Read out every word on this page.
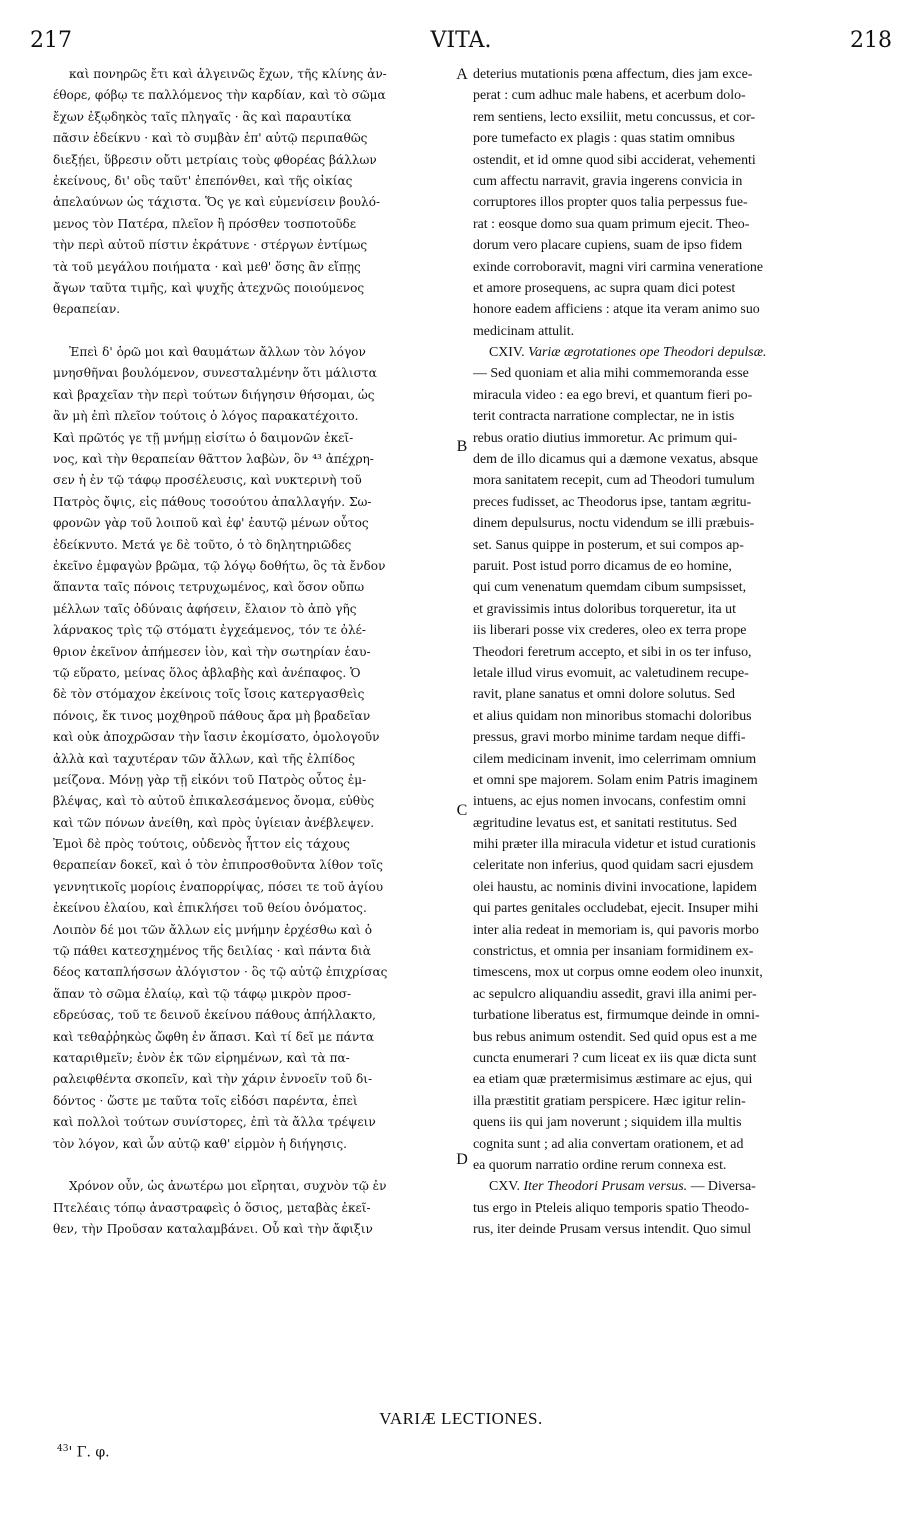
217	VITA.	218
καὶ πονηρῶς ἔτι καὶ ἀλγεινῶς ἔχων, τῆς κλίνης ἀν-
έθορε, φόβῳ τε παλλόμενος τὴν καρδίαν, καὶ τὸ σῶμα
ἔχων ἐξῳδηκὸς ταῖς πληγαῖς · ἃς καὶ παραυτίκα
πᾶσιν ἐδείκνυ · καὶ τὸ συμβὰν ἐπ' αὐτῷ περιπαθῶς
διεξῄει, ὕβρεσιν οὔτι μετρίαις τοὺς φθορέας βάλλων
ἐκείνους, δι' οὓς ταῦτ' ἐπεπόνθει, καὶ τῆς οἰκίας
ἀπελαύνων ὡς τάχιστα. Ὅς γε καὶ εὐμενίσειν βουλό-
μενος τὸν Πατέρα, πλεῖον ἢ πρόσθεν τοσποτοῦδε
τὴν περὶ αὐτοῦ πίστιν ἐκράτυνε · στέργων ἐντίμως
τὰ τοῦ μεγάλου ποιήματα · καὶ μεθ' ὅσης ἂν εἴπῃς
ἄγων ταῦτα τιμῆς, καὶ ψυχῆς ἀτεχνῶς ποιούμενος
θεραπείαν.
Ἐπεὶ δ' ὁρῶ μοι καὶ θαυμάτων ἄλλων τὸν λόγον
μνησθῆναι βουλόμενον, συνεσταλμένην ὅτι μάλιστα
καὶ βραχεῖαν τὴν περὶ τούτων διήγησιν θήσομαι, ὡς
ἂν μὴ ἐπὶ πλεῖον τούτοις ὁ λόγος παρακατέχοιτο.
Καὶ πρῶτός γε τῇ μνήμῃ εἰσίτω ὁ δαιμονῶν ἐκεῖ-
νος, καὶ τὴν θεραπείαν θᾶττον λαβὼν, ὃν ⁴³ ἀπέχρη-
σεν ἡ ἐν τῷ τάφῳ προσέλευσις, καὶ νυκτερινὴ τοῦ
Πατρὸς ὄψις, εἰς πάθους τοσούτου ἀπαλλαγήν. Σω-
φρονῶν γὰρ τοῦ λοιποῦ καὶ ἐφ' ἑαυτῷ μένων οὗτος
ἐδείκνυτο. Μετά γε δὲ τοῦτο, ὁ τὸ δηλητηριῶδες
ἐκεῖνο ἐμφαγὼν βρῶμα, τῷ λόγῳ δοθήτω, ὃς τὰ ἔνδον
ἅπαντα ταῖς πόνοις τετρυχωμένος, καὶ ὅσον οὔπω
μέλλων ταῖς ὀδύναις ἀφήσειν, ἔλαιον τὸ ἀπὸ γῆς
λάρνακος τρὶς τῷ στόματι ἐγχεάμενος, τόν τε ὀλέ-
θριον ἐκεῖνον ἀπήμεσεν ἰὸν, καὶ τὴν σωτηρίαν ἑαυ-
τῷ εὕρατο, μείνας ὅλος ἀβλαβὴς καὶ ἀνέπαφος. Ὁ
δὲ τὸν στόμαχον ἐκείνοις τοῖς ἴσοις κατεργασθεὶς
πόνοις, ἔκ τινος μοχθηροῦ πάθους ἄρα μὴ βραδεῖαν
καὶ οὐκ ἀποχρῶσαν τὴν ἴασιν ἐκομίσατο, ὁμολογοῦν
ἀλλὰ καὶ ταχυτέραν τῶν ἄλλων, καὶ τῆς ἐλπίδος
μείζονα. Μόνῃ γὰρ τῇ εἰκόνι τοῦ Πατρὸς οὗτος ἐμ-
βλέψας, καὶ τὸ αὐτοῦ ἐπικαλεσάμενος ὄνομα, εὐθὺς
καὶ τῶν πόνων ἀνείθη, καὶ πρὸς ὑγίειαν ἀνέβλεψεν.
Ἐμοὶ δὲ πρὸς τούτοις, οὐδενὸς ἧττον εἰς τάχους
θεραπείαν δοκεῖ, καὶ ὁ τὸν ἐπιπροσθοῦντα λίθον τοῖς
γεννητικοῖς μορίοις ἐναπορρίψας, πόσει τε τοῦ ἁγίου
ἐκείνου ἐλαίου, καὶ ἐπικλήσει τοῦ θείου ὀνόματος.
Λοιπὸν δέ μοι τῶν ἄλλων εἰς μνήμην ἐρχέσθω καὶ ὁ
τῷ πάθει κατεσχημένος τῆς δειλίας · καὶ πάντα διὰ
δέος καταπλήσσων ἀλόγιστον · ὃς τῷ αὐτῷ ἐπιχρίσας
ἅπαν τὸ σῶμα ἐλαίῳ, καὶ τῷ τάφῳ μικρὸν προσ-
εδρεύσας, τοῦ τε δεινοῦ ἐκείνου πάθους ἀπήλλακτο,
καὶ τεθαῤῥηκὼς ὤφθη ἐν ἅπασι. Καὶ τί δεῖ με πάντα
καταριθμεῖν; ἐνὸν ἐκ τῶν εἰρημένων, καὶ τὰ πα-
ραλειφθέντα σκοπεῖν, καὶ τὴν χάριν ἐννοεῖν τοῦ δι-
δόντος · ὥστε με ταῦτα τοῖς εἰδόσι παρέντα, ἐπεὶ
καὶ πολλοὶ τούτων συνίστορες, ἐπὶ τὰ ἄλλα τρέψειν
τὸν λόγον, καὶ ὧν αὐτῷ καθ' εἱρμὸν ἡ διήγησις.
Χρόνον οὖν, ὡς ἀνωτέρω μοι εἴρηται, συχνὸν τῷ ἐν
Πτελέαις τόπῳ ἀναστραφεὶς ὁ ὅσιος, μεταβὰς ἐκεῖ-
θεν, τὴν Προῦσαν καταλαμβάνει. Οὗ καὶ τὴν ἄφιξιν
A
B
C
D
deterius mutationis pœna affectum, dies jam exce-
perat : cum adhuc male habens, et acerbum dolo-
rem sentiens, lecto exsiliit, metu concussus, et cor-
pore tumefacto ex plagis : quas statim omnibus
ostendit, et id omne quod sibi acciderat, vehementi
cum affectu narravit, gravia ingerens convicia in
corruptores illos propter quos talia perpessus fue-
rat : eosque domo sua quam primum ejecit. Theo-
dorum vero placare cupiens, suam de ipso fidem
exinde corroboravit, magni viri carmina veneratione
et amore prosequens, ac supra quam dici potest
honore eadem afficiens : atque ita veram animo suo
medicinam attulit.
CXIV. Variæ ægrotationes ope Theodori depulsæ.
— Sed quoniam et alia mihi commemoranda esse
miracula video : ea ego brevi, et quantum fieri po-
terit contracta narratione complectar, ne in istis
rebus oratio diutius immoretur. Ac primum qui-
dem de illo dicamus qui a dæmone vexatus, absque
mora sanitatem recepit, cum ad Theodori tumulum
preces fudisset, ac Theodorus ipse, tantam ægritu-
dinem depulsurus, noctu videndum se illi præbuis-
set. Sanus quippe in posterum, et sui compos ap-
paruit. Post istud porro dicamus de eo homine,
qui cum venenatum quemdam cibum sumpsisset,
et gravissimis intus doloribus torqueretur, ita ut
iis liberari posse vix crederes, oleo ex terra prope
Theodori feretrum accepto, et sibi in os ter infuso,
letale illud virus evomuit, ac valetudinem recupe-
ravit, plane sanatus et omni dolore solutus. Sed
et alius quidam non minoribus stomachi doloribus
pressus, gravi morbo minime tardam neque diffi-
cilem medicinam invenit, imo celerrimam omnium
et omni spe majorem. Solam enim Patris imaginem
intuens, ac ejus nomen invocans, confestim omni
ægritudine levatus est, et sanitati restitutus. Sed
mihi præter illa miracula videtur et istud curationis
celeritate non inferius, quod quidam sacri ejusdem
olei haustu, ac nominis divini invocatione, lapidem
qui partes genitales occludebat, ejecit. Insuper mihi
inter alia redeat in memoriam is, qui pavoris morbo
constrictus, et omnia per insaniam formidinem ex-
timescens, mox ut corpus omne eodem oleo inunxit,
ac sepulcro aliquandiu assedit, gravi illa animi per-
turbatione liberatus est, firmumque deinde in omni-
bus rebus animum ostendit. Sed quid opus est a me
cuncta enumerari ? cum liceat ex iis quæ dicta sunt
ea etiam quæ prætermisimus æstimare ac ejus, qui
illa præstitit gratiam perspicere. Hæc igitur relin-
quens iis qui jam noverunt ; siquidem illa multis
cognita sunt ; ad alia convertam orationem, et ad
ea quorum narratio ordine rerum connexa est.
CXV. Iter Theodori Prusam versus. — Diversa-
tus ergo in Pteleis aliquo temporis spatio Theodo-
rus, iter deinde Prusam versus intendit. Quo simul
VARIÆ LECTIONES.
$^{43}$' Γ. φ.
